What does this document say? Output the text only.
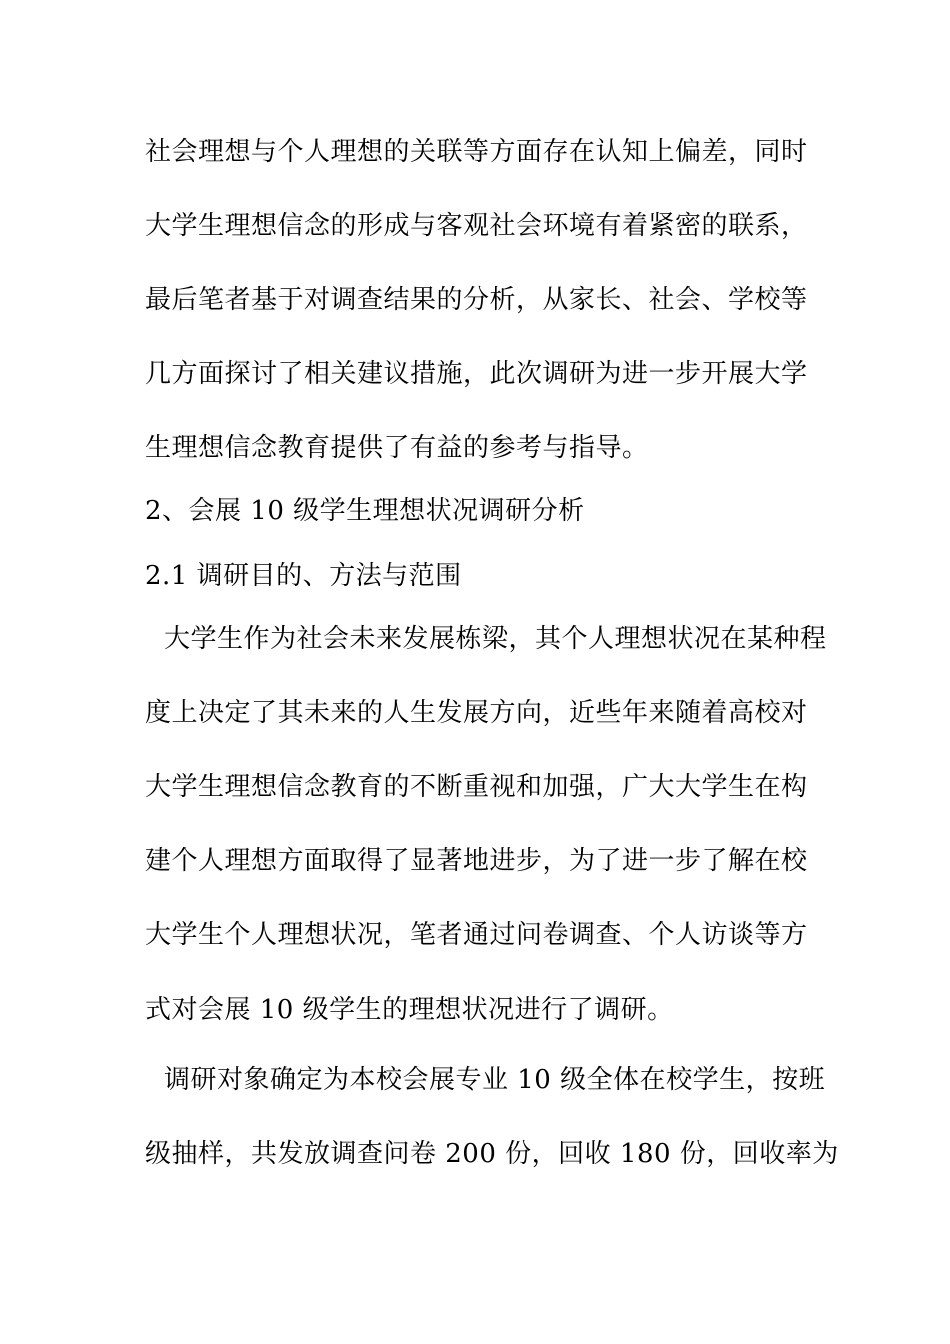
社会理想与个人理想的关联等方面存在认知上偏差，同时
大学生理想信念的形成与客观社会环境有着紧密的联系，
最后笔者基于对调查结果的分析，从家长、社会、学校等
几方面探讨了相关建议措施，此次调研为进一步开展大学
生理想信念教育提供了有益的参考与指导。
2、会展 10 级学生理想状况调研分析
2.1 调研目的、方法与范围
大学生作为社会未来发展栋梁，其个人理想状况在某种程
度上决定了其未来的人生发展方向，近些年来随着高校对
大学生理想信念教育的不断重视和加强，广大大学生在构
建个人理想方面取得了显著地进步，为了进一步了解在校
大学生个人理想状况，笔者通过问卷调查、个人访谈等方
式对会展 10 级学生的理想状况进行了调研。
调研对象确定为本校会展专业 10 级全体在校学生，按班
级抽样，共发放调查问卷 200 份，回收 180 份，回收率为
